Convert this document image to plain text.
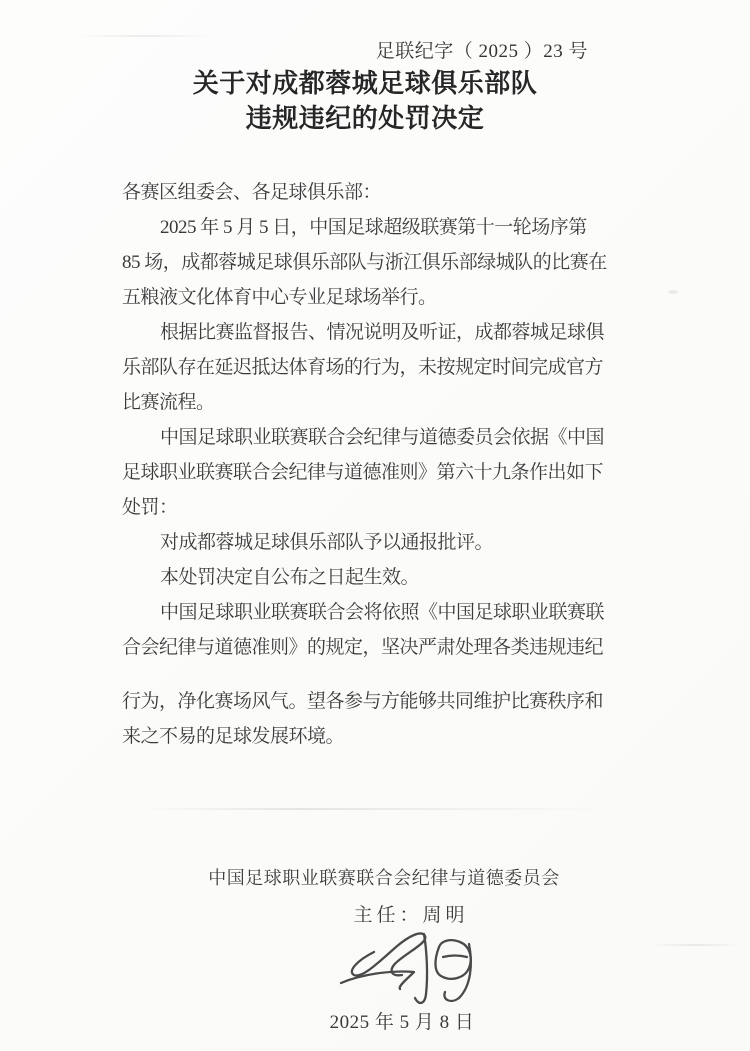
足联纪字（ 2025 ）23 号
关于对成都蓉城足球俱乐部队
违规违纪的处罚决定
各赛区组委会、各足球俱乐部：
2025 年 5 月 5 日，中国足球超级联赛第十一轮场序第
85 场，成都蓉城足球俱乐部队与浙江俱乐部绿城队的比赛在
五粮液文化体育中心专业足球场举行。
根据比赛监督报告、情况说明及听证，成都蓉城足球俱
乐部队存在延迟抵达体育场的行为，未按规定时间完成官方
比赛流程。
中国足球职业联赛联合会纪律与道德委员会依据《中国
足球职业联赛联合会纪律与道德准则》第六十九条作出如下
处罚：
对成都蓉城足球俱乐部队予以通报批评。
本处罚决定自公布之日起生效。
中国足球职业联赛联合会将依照《中国足球职业联赛联
合会纪律与道德准则》的规定，坚决严肃处理各类违规违纪
行为，净化赛场风气。望各参与方能够共同维护比赛秩序和
来之不易的足球发展环境。
中国足球职业联赛联合会纪律与道德委员会
主任：周明
2025 年 5 月 8 日
